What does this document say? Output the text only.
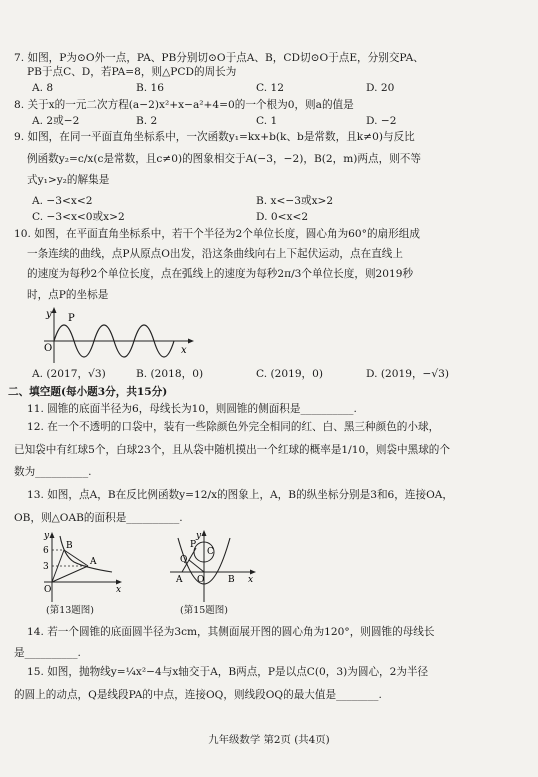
7. 如图，P为⊙O外一点，PA、PB分别切⊙O于点A、B，CD切⊙O于点E，分别交PA、
PB于点C、D，若PA=8，则△PCD的周长为
A. 8	B. 16	C. 12	D. 20
8. 关于x的一元二次方程(a−2)x²+x−a²+4=0的一个根为0，则a的值是
A. 2或−2	B. 2	C. 1	D. −2
9. 如图，在同一平面直角坐标系中，一次函数y₁=kx+b(k、b是常数，且k≠0)与反比
例函数y₂=c/x(c是常数，且c≠0)的图象相交于A(−3，−2)，B(2，m)两点，则不等
式y₁>y₂的解集是
A. −3<x<2	B. x<−3或x>2
C. −3<x<0或x>2	D. 0<x<2
10. 如图，在平面直角坐标系中，若干个半径为2个单位长度，圆心角为60°的扇形组成
一条连续的曲线，点P从原点O出发，沿这条曲线向右上下起伏运动，点在直线上
的速度为每秒2个单位长度，点在弧线上的速度为每秒2π/3个单位长度，则2019秒
时，点P的坐标是
y P
O	x
A. (2017，√3)	B. (2018，0)	C. (2019，0)	D. (2019，−√3)
二、填空题(每小题3分，共15分)
11. 圆锥的底面半径为6，母线长为10，则圆锥的侧面积是__________.
12. 在一个不透明的口袋中，装有一些除颜色外完全相同的红、白、黑三种颜色的小球，
已知袋中有红球5个，白球23个，且从袋中随机摸出一个红球的概率是1/10，则袋中黑球的个
数为__________.
13. 如图，点A，B在反比例函数y=12/x的图象上，A，B的纵坐标分别是3和6，连接OA，
OB，则△OAB的面积是__________.
y
6 B
3	A
O	x
(第13题图)
y
P
Q
C
A O	B x
(第15题图)
14. 若一个圆锥的底面圆半径为3cm，其侧面展开图的圆心角为120°，则圆锥的母线长
是__________.
15. 如图，抛物线y=¼x²−4与x轴交于A，B两点，P是以点C(0，3)为圆心，2为半径
的圆上的动点，Q是线段PA的中点，连接OQ，则线段OQ的最大值是________.
九年级数学 第2页 (共4页)
